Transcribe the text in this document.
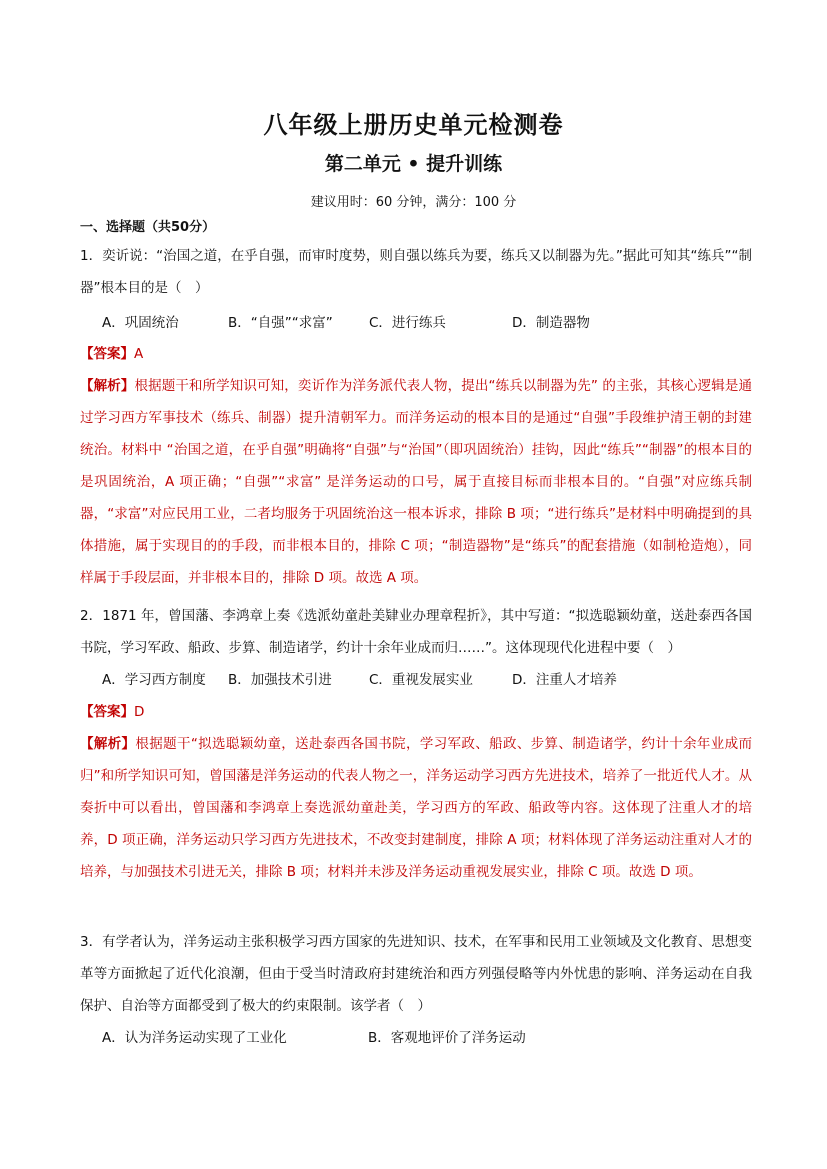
八年级上册历史单元检测卷
第二单元 • 提升训练
建议用时：60 分钟，满分：100 分
一、选择题（共50分）
1．奕䜣说：“治国之道，在乎自强，而审时度势，则自强以练兵为要，练兵又以制器为先。”据此可知其“练兵”“制器”根本目的是（　）
A．巩固统治	B．“自强”“求富”	C．进行练兵	D．制造器物
【答案】A
【解析】根据题干和所学知识可知，奕䜣作为洋务派代表人物，提出“练兵以制器为先” 的主张，其核心逻辑是通过学习西方军事技术（练兵、制器）提升清朝军力。而洋务运动的根本目的是通过“自强”手段维护清王朝的封建统治。材料中 “治国之道，在乎自强”明确将“自强”与“治国”（即巩固统治）挂钩，因此“练兵”“制器”的根本目的是巩固统治，A 项正确；“自强”“求富” 是洋务运动的口号，属于直接目标而非根本目的。“自强”对应练兵制器，“求富”对应民用工业，二者均服务于巩固统治这一根本诉求，排除 B 项；“进行练兵”是材料中明确提到的具体措施，属于实现目的的手段，而非根本目的，排除 C 项；“制造器物”是“练兵”的配套措施（如制枪造炮），同样属于手段层面，并非根本目的，排除 D 项。故选 A 项。
2．1871 年，曾国藩、李鸿章上奏《选派幼童赴美肄业办理章程折》，其中写道：“拟选聪颖幼童，送赴泰西各国书院，学习军政、船政、步算、制造诸学，约计十余年业成而归……”。这体现现代化进程中要（　）
A．学习西方制度 B．加强技术引进	C．重视发展实业	D．注重人才培养
【答案】D
【解析】根据题干“拟选聪颖幼童，送赴泰西各国书院，学习军政、船政、步算、制造诸学，约计十余年业成而归”和所学知识可知，曾国藩是洋务运动的代表人物之一，洋务运动学习西方先进技术，培养了一批近代人才。从奏折中可以看出，曾国藩和李鸿章上奏选派幼童赴美，学习西方的军政、船政等内容。这体现了注重人才的培养，D 项正确，洋务运动只学习西方先进技术，不改变封建制度，排除 A 项；材料体现了洋务运动注重对人才的培养，与加强技术引进无关，排除 B 项；材料并未涉及洋务运动重视发展实业，排除 C 项。故选 D 项。
3．有学者认为，洋务运动主张积极学习西方国家的先进知识、技术，在军事和民用工业领域及文化教育、思想变革等方面掀起了近代化浪潮，但由于受当时清政府封建统治和西方列强侵略等内外忧患的影响、洋务运动在自我保护、自治等方面都受到了极大的约束限制。该学者（　）
A．认为洋务运动实现了工业化	B．客观地评价了洋务运动
